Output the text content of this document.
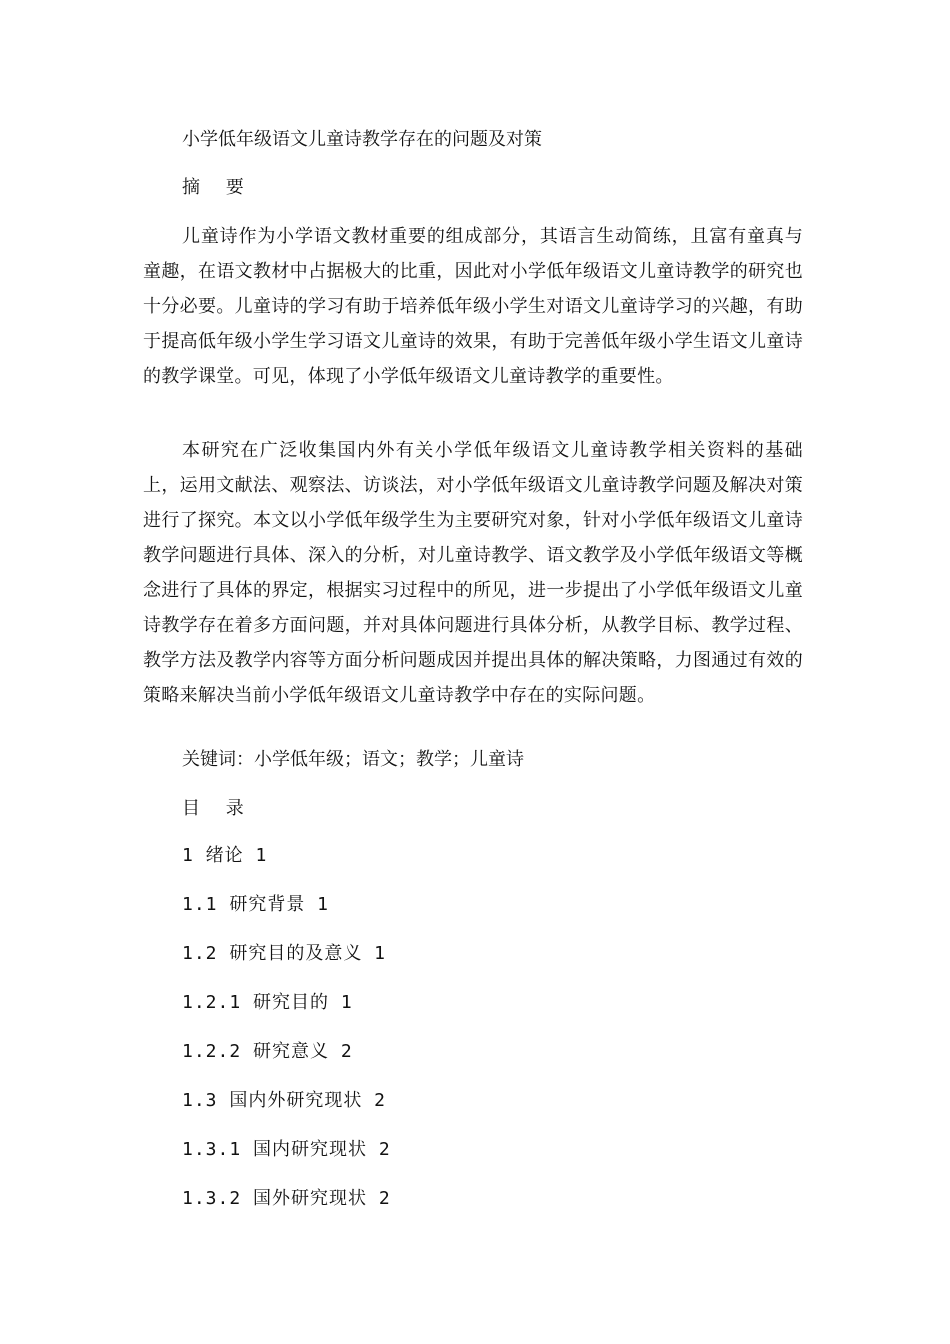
小学低年级语文儿童诗教学存在的问题及对策
摘 要
儿童诗作为小学语文教材重要的组成部分，其语言生动简练，且富有童真与童趣，在语文教材中占据极大的比重，因此对小学低年级语文儿童诗教学的研究也十分必要。儿童诗的学习有助于培养低年级小学生对语文儿童诗学习的兴趣，有助于提高低年级小学生学习语文儿童诗的效果，有助于完善低年级小学生语文儿童诗的教学课堂。可见，体现了小学低年级语文儿童诗教学的重要性。
本研究在广泛收集国内外有关小学低年级语文儿童诗教学相关资料的基础上，运用文献法、观察法、访谈法，对小学低年级语文儿童诗教学问题及解决对策进行了探究。本文以小学低年级学生为主要研究对象，针对小学低年级语文儿童诗教学问题进行具体、深入的分析，对儿童诗教学、语文教学及小学低年级语文等概念进行了具体的界定，根据实习过程中的所见，进一步提出了小学低年级语文儿童诗教学存在着多方面问题，并对具体问题进行具体分析，从教学目标、教学过程、教学方法及教学内容等方面分析问题成因并提出具体的解决策略，力图通过有效的策略来解决当前小学低年级语文儿童诗教学中存在的实际问题。
关键词：小学低年级；语文；教学；儿童诗
目 录
1 绪论 1
1.1 研究背景 1
1.2 研究目的及意义 1
1.2.1 研究目的 1
1.2.2 研究意义 2
1.3 国内外研究现状 2
1.3.1 国内研究现状 2
1.3.2 国外研究现状 2
